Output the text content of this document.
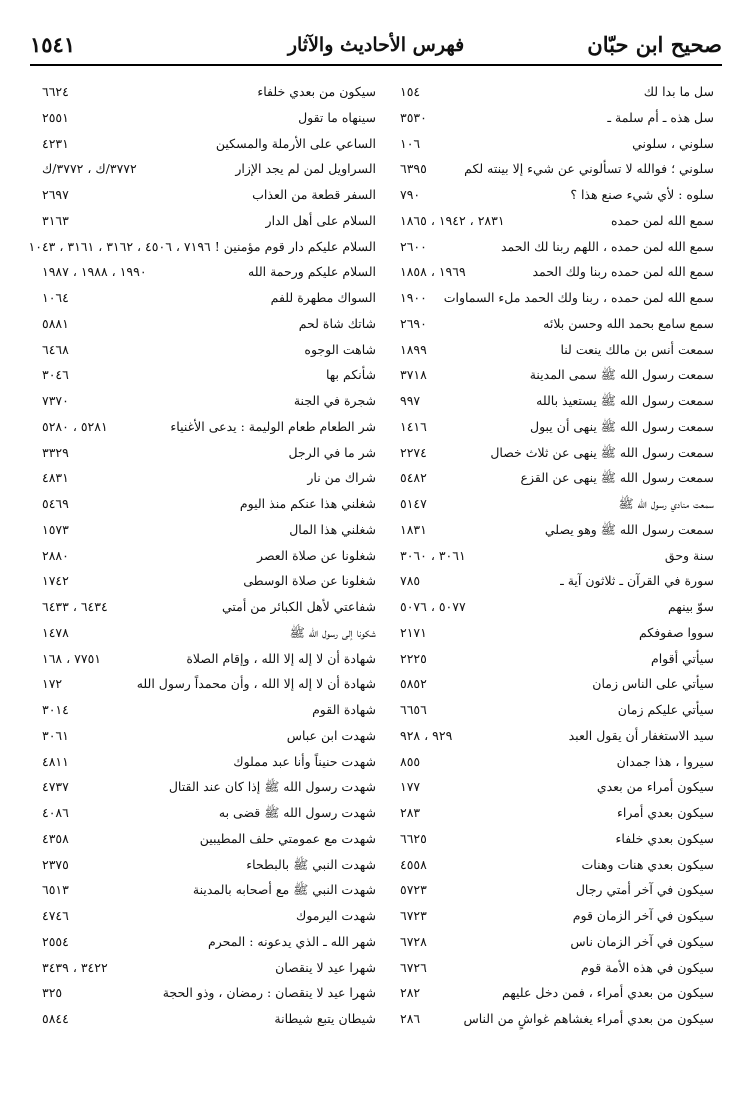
١٥٤١	فهرس الأحاديث والآثار	صحيح ابن حبّان
سل ما بدا لك
١٥٤
سل هذه ـ أم سلمة ـ
٣٥٣٠
سلوني ، سلوني
١٠٦
سلوني ؛ فوالله لا تسألوني عن شيء إلا بينته لكم
٦٣٩٥
سلوه : لأي شيء صنع هذا ؟
٧٩٠
سمع الله لمن حمده
٢٨٣١ ، ١٩٤٢ ، ١٨٦٥
سمع الله لمن حمده ، اللهم ربنا لك الحمد
٢٦٠٠
سمع الله لمن حمده ربنا ولك الحمد
١٩٦٩ ، ١٨٥٨
سمع الله لمن حمده ، ربنا ولك الحمد ملء السماوات
١٩٠٠
سمع سامع بحمد الله وحسن بلائه
٢٦٩٠
سمعت أنس بن مالك ينعت لنا
١٨٩٩
سمعت رسول الله ﷺ سمى المدينة
٣٧١٨
سمعت رسول الله ﷺ يستعيذ بالله
٩٩٧
سمعت رسول الله ﷺ ينهى أن يبول
١٤١٦
سمعت رسول الله ﷺ ينهى عن ثلاث خصال
٢٢٧٤
سمعت رسول الله ﷺ ينهى عن القزع
٥٤٨٢
سمعت منادي رسول الله ﷺ
٥١٤٧
سمعت رسول الله ﷺ وهو يصلي
١٨٣١
سنة وحق
٣٠٦١ ، ٣٠٦٠
سورة في القرآن ـ ثلاثون آية ـ
٧٨٥
سوّ بينهم
٥٠٧٧ ، ٥٠٧٦
سووا صفوفكم
٢١٧١
سيأتي أقوام
٢٢٢٥
سيأتي على الناس زمان
٥٨٥٢
سيأتي عليكم زمان
٦٦٥٦
سيد الاستغفار أن يقول العبد
٩٢٩ ، ٩٢٨
سيروا ، هذا جمدان
٨٥٥
سيكون أمراء من بعدي
١٧٧
سيكون بعدي أمراء
٢٨٣
سيكون بعدي خلفاء
٦٦٢٥
سيكون بعدي هنات وهنات
٤٥٥٨
سيكون في آخر أمتي رجال
٥٧٢٣
سيكون في آخر الزمان قوم
٦٧٢٣
سيكون في آخر الزمان ناس
٦٧٢٨
سيكون في هذه الأمة قوم
٦٧٢٦
سيكون من بعدي أمراء ، فمن دخل عليهم
٢٨٢
سيكون من بعدي أمراء يغشاهم غواشٍ من الناس
٢٨٦
سيكون من بعدي خلفاء
٦٦٢٤
سينهاه ما تقول
٢٥٥١
الساعي على الأرملة والمسكين
٤٢٣١
السراويل لمن لم يجد الإزار
٣٧٧٢/ك ، ٣٧٧٢/ك
السفر قطعة من العذاب
٢٦٩٧
السلام على أهل الدار
٣١٦٣
السلام عليكم دار قوم مؤمنين ! ٧١٩٦ ، ٤٥٠٦ ، ٣١٦٢ ، ٣١٦١ ، ١٠٤٣
السلام عليكم ورحمة الله
١٩٩٠ ، ١٩٨٨ ، ١٩٨٧
السواك مطهرة للفم
١٠٦٤
شاتك شاة لحم
٥٨٨١
شاهت الوجوه
٦٤٦٨
شأنكم بها
٣٠٤٦
شجرة في الجنة
٧٣٧٠
شر الطعام طعام الوليمة : يدعى الأغنياء
٥٢٨١ ، ٥٢٨٠
شر ما في الرجل
٣٣٢٩
شراك من نار
٤٨٣١
شغلني هذا عنكم منذ اليوم
٥٤٦٩
شغلني هذا المال
١٥٧٣
شغلونا عن صلاة العصر
٢٨٨٠
شغلونا عن صلاة الوسطى
١٧٤٢
شفاعتي لأهل الكبائر من أمتي
٦٤٣٤ ، ٦٤٣٣
شكونا إلى رسول الله ﷺ
١٤٧٨
شهادة أن لا إله إلا الله ، وإقام الصلاة
٧٧٥١ ، ١٦٨
شهادة أن لا إله إلا الله ، وأن محمداً رسول الله
١٧٢
شهادة القوم
٣٠١٤
شهدت ابن عباس
٣٠٦١
شهدت حنيناً وأنا عبد مملوك
٤٨١١
شهدت رسول الله ﷺ إذا كان عند القتال
٤٧٣٧
شهدت رسول الله ﷺ قضى به
٤٠٨٦
شهدت مع عمومتي حلف المطيبين
٤٣٥٨
شهدت النبي ﷺ بالبطحاء
٢٣٧٥
شهدت النبي ﷺ مع أصحابه بالمدينة
٦٥١٣
شهدت اليرموك
٤٧٤٦
شهر الله ـ الذي يدعونه : المحرم
٢٥٥٤
شهرا عيد لا ينقصان
٣٤٢٢ ، ٣٤٣٩
شهرا عيد لا ينقصان : رمضان ، وذو الحجة
٣٢٥
شيطان يتبع شيطانة
٥٨٤٤
